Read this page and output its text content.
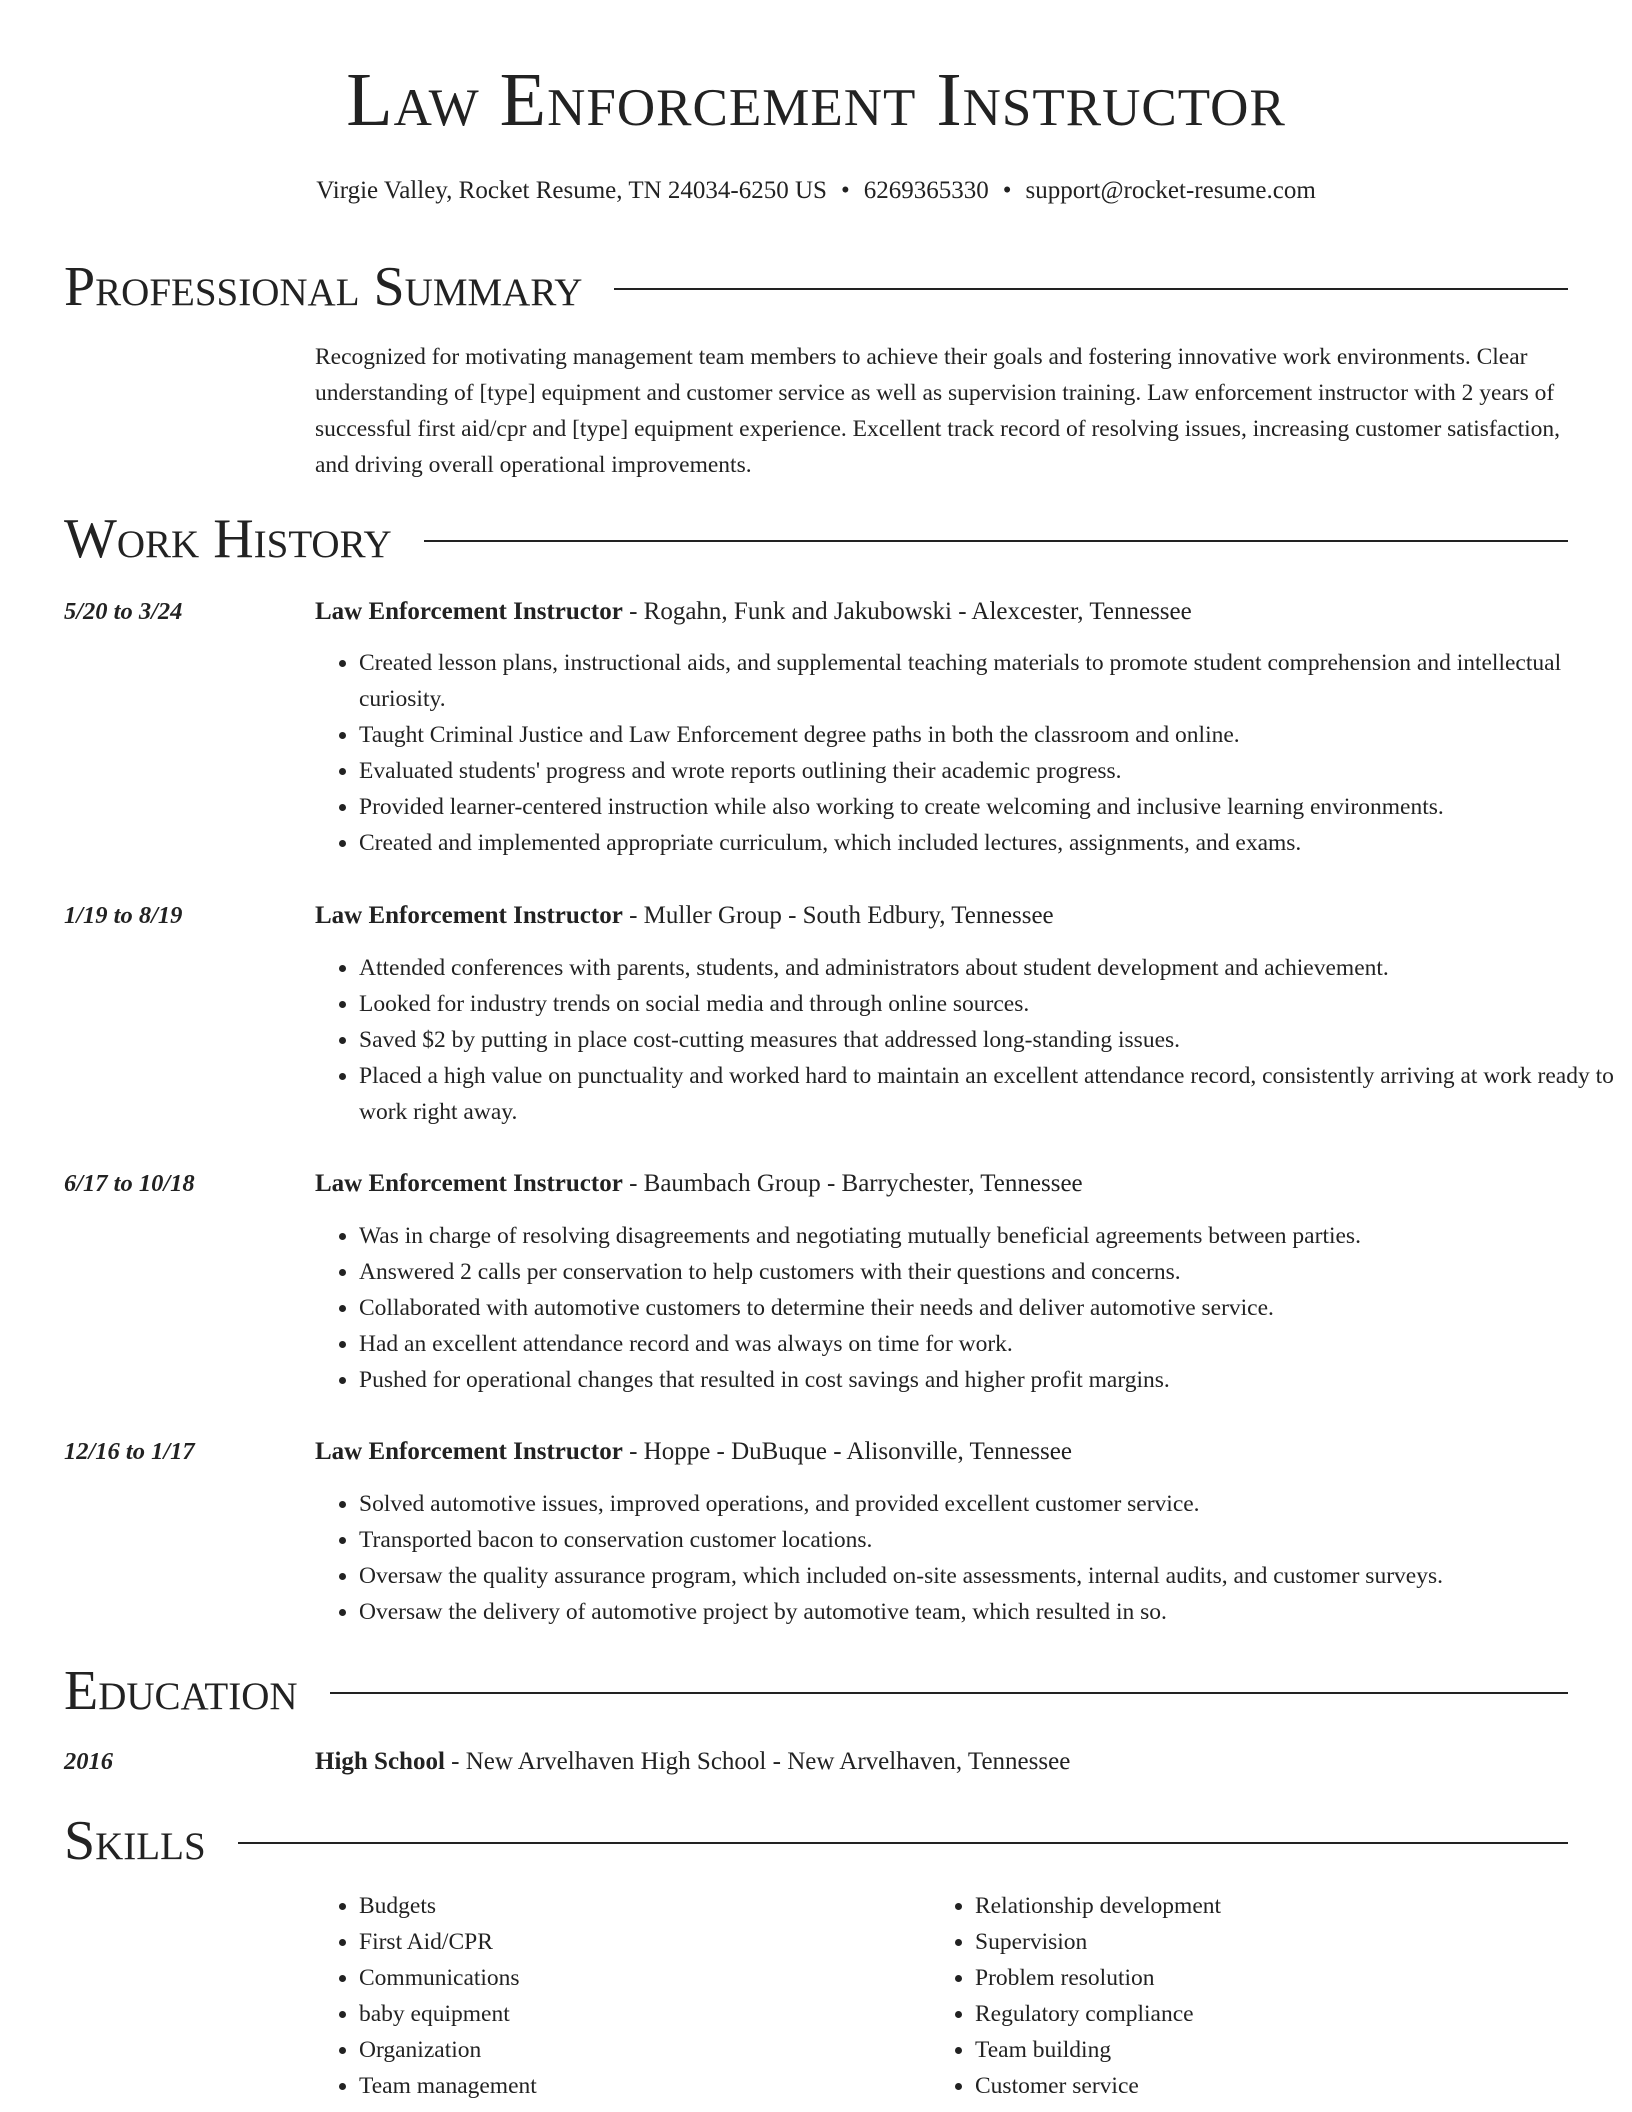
Law Enforcement Instructor
Virgie Valley, Rocket Resume, TN 24034-6250 US • 6269365330 • support@rocket-resume.com
Professional Summary
Recognized for motivating management team members to achieve their goals and fostering innovative work environments. Clear understanding of [type] equipment and customer service as well as supervision training. Law enforcement instructor with 2 years of successful first aid/cpr and [type] equipment experience. Excellent track record of resolving issues, increasing customer satisfaction, and driving overall operational improvements.
Work History
5/20 to 3/24	Law Enforcement Instructor - Rogahn, Funk and Jakubowski - Alexcester, Tennessee
• Created lesson plans, instructional aids, and supplemental teaching materials to promote student comprehension and intellectual curiosity.
• Taught Criminal Justice and Law Enforcement degree paths in both the classroom and online.
• Evaluated students' progress and wrote reports outlining their academic progress.
• Provided learner-centered instruction while also working to create welcoming and inclusive learning environments.
• Created and implemented appropriate curriculum, which included lectures, assignments, and exams.
1/19 to 8/19	Law Enforcement Instructor - Muller Group - South Edbury, Tennessee
• Attended conferences with parents, students, and administrators about student development and achievement.
• Looked for industry trends on social media and through online sources.
• Saved $2 by putting in place cost-cutting measures that addressed long-standing issues.
• Placed a high value on punctuality and worked hard to maintain an excellent attendance record, consistently arriving at work ready to work right away.
6/17 to 10/18	Law Enforcement Instructor - Baumbach Group - Barrychester, Tennessee
• Was in charge of resolving disagreements and negotiating mutually beneficial agreements between parties.
• Answered 2 calls per conservation to help customers with their questions and concerns.
• Collaborated with automotive customers to determine their needs and deliver automotive service.
• Had an excellent attendance record and was always on time for work.
• Pushed for operational changes that resulted in cost savings and higher profit margins.
12/16 to 1/17	Law Enforcement Instructor - Hoppe - DuBuque - Alisonville, Tennessee
• Solved automotive issues, improved operations, and provided excellent customer service.
• Transported bacon to conservation customer locations.
• Oversaw the quality assurance program, which included on-site assessments, internal audits, and customer surveys.
• Oversaw the delivery of automotive project by automotive team, which resulted in so.
Education
2016	High School - New Arvelhaven High School - New Arvelhaven, Tennessee
Skills
• Budgets
• First Aid/CPR
• Communications
• baby equipment
• Organization
• Team management
• Relationship development
• Supervision
• Problem resolution
• Regulatory compliance
• Team building
• Customer service
